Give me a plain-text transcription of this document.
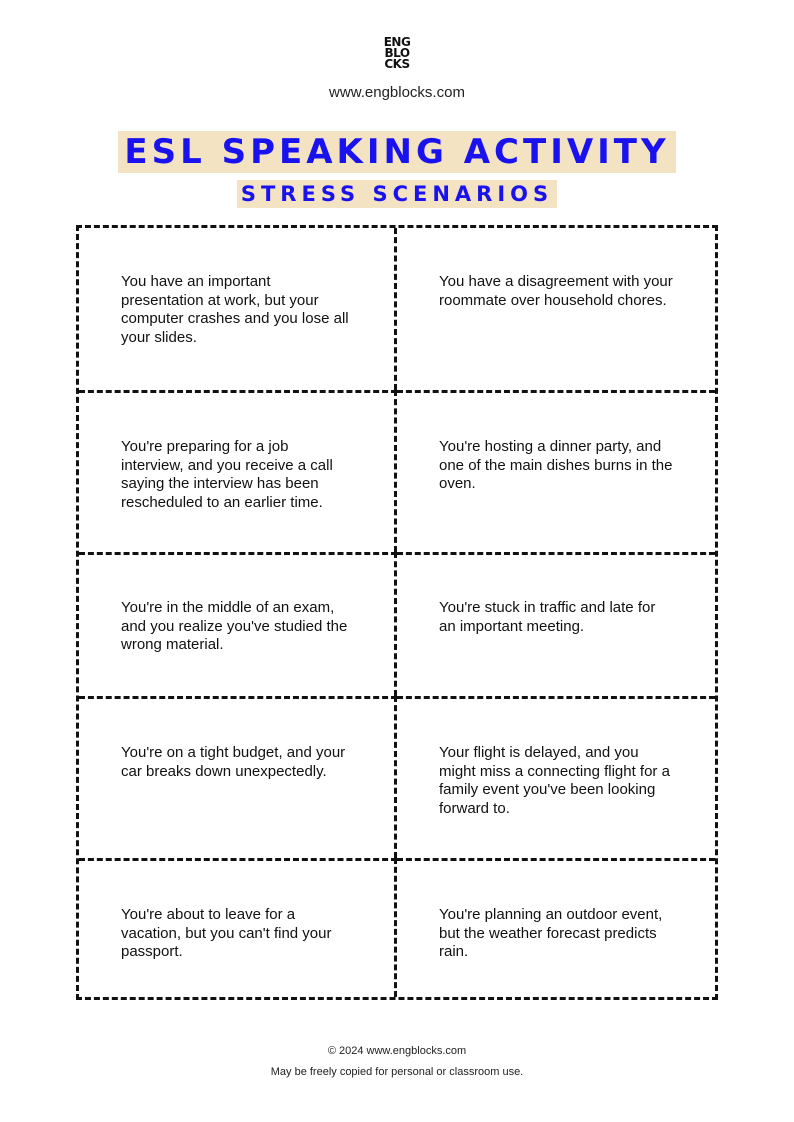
ENG
BLO
CKS
www.engblocks.com
ESL SPEAKING ACTIVITY
STRESS SCENARIOS
You have an important presentation at work, but your computer crashes and you lose all your slides.
You have a disagreement with your roommate over household chores.
You're preparing for a job interview, and you receive a call saying the interview has been rescheduled to an earlier time.
You're hosting a dinner party, and one of the main dishes burns in the oven.
You're in the middle of an exam, and you realize you've studied the wrong material.
You're stuck in traffic and late for an important meeting.
You're on a tight budget, and your car breaks down unexpectedly.
Your flight is delayed, and you might miss a connecting flight for a family event you've been looking forward to.
You're about to leave for a vacation, but you can't find your passport.
You're planning an outdoor event, but the weather forecast predicts rain.
© 2024 www.engblocks.com
May be freely copied for personal or classroom use.
